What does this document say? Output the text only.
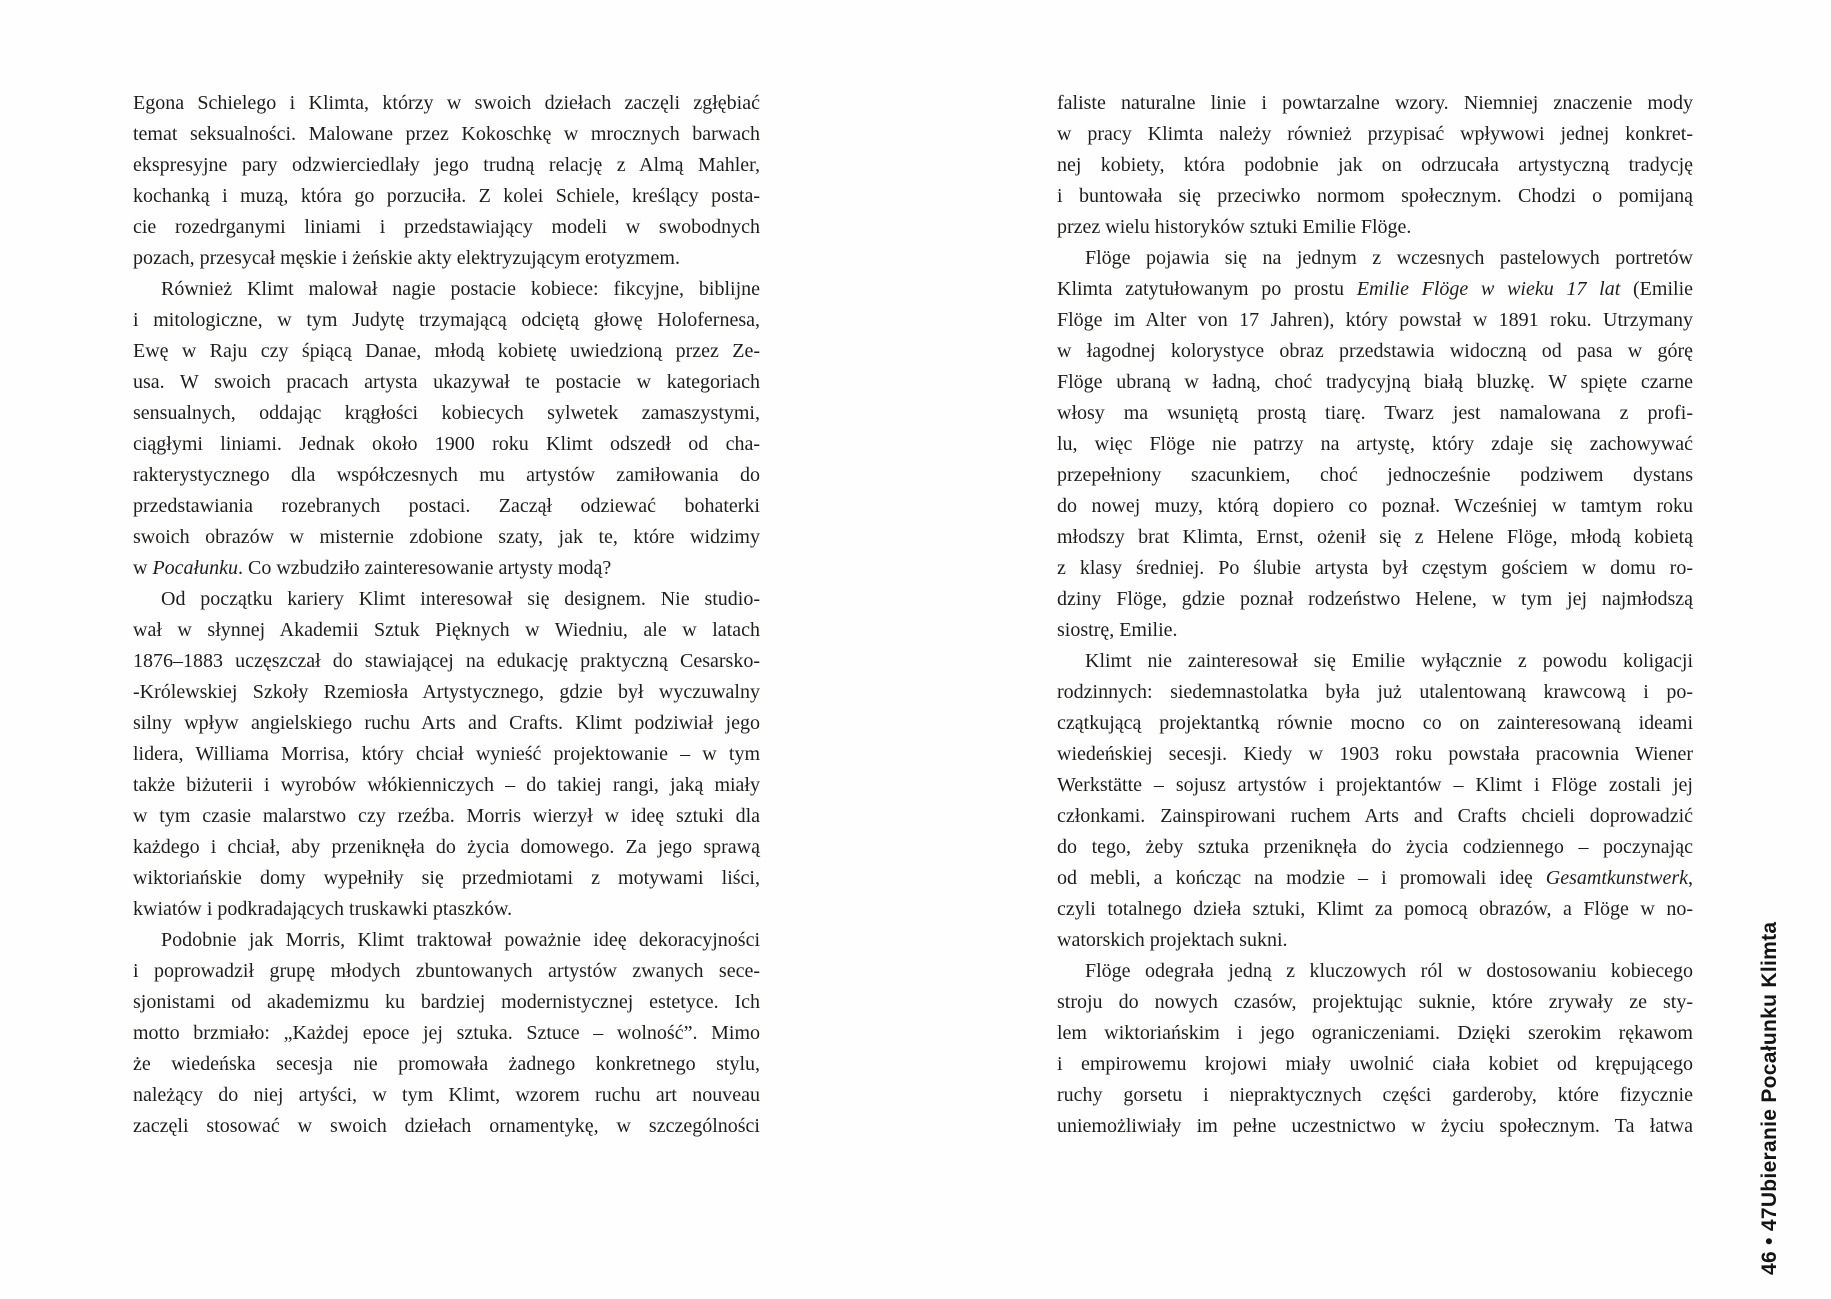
Egona Schielego i Klimta, którzy w swoich dziełach zaczęli zgłębiać
temat seksualności. Malowane przez Kokoschkę w mrocznych barwach
ekspresyjne pary odzwierciedlały jego trudną relację z Almą Mahler,
kochanką i muzą, która go porzuciła. Z kolei Schiele, kreślący posta-
cie rozedrganymi liniami i przedstawiający modeli w swobodnych
pozach, przesycał męskie i żeńskie akty elektryzującym erotyzmem.
Również Klimt malował nagie postacie kobiece: fikcyjne, biblijne
i mitologiczne, w tym Judytę trzymającą odciętą głowę Holofernesa,
Ewę w Raju czy śpiącą Danae, młodą kobietę uwiedzioną przez Ze-
usa. W swoich pracach artysta ukazywał te postacie w kategoriach
sensualnych, oddając krągłości kobiecych sylwetek zamaszystymi,
ciągłymi liniami. Jednak około 1900 roku Klimt odszedł od cha-
rakterystycznego dla współczesnych mu artystów zamiłowania do
przedstawiania rozebranych postaci. Zaczął odziewać bohaterki
swoich obrazów w misternie zdobione szaty, jak te, które widzimy
w Pocałunku. Co wzbudziło zainteresowanie artysty modą?
Od początku kariery Klimt interesował się designem. Nie studio-
wał w słynnej Akademii Sztuk Pięknych w Wiedniu, ale w latach
1876–1883 uczęszczał do stawiającej na edukację praktyczną Cesarsko-
-Królewskiej Szkoły Rzemiosła Artystycznego, gdzie był wyczuwalny
silny wpływ angielskiego ruchu Arts and Crafts. Klimt podziwiał jego
lidera, Williama Morrisa, który chciał wynieść projektowanie – w tym
także biżuterii i wyrobów włókienniczych – do takiej rangi, jaką miały
w tym czasie malarstwo czy rzeźba. Morris wierzył w ideę sztuki dla
każdego i chciał, aby przeniknęła do życia domowego. Za jego sprawą
wiktoriańskie domy wypełniły się przedmiotami z motywami liści,
kwiatów i podkradających truskawki ptaszków.
Podobnie jak Morris, Klimt traktował poważnie ideę dekoracyjności
i poprowadził grupę młodych zbuntowanych artystów zwanych sece-
sjonistami od akademizmu ku bardziej modernistycznej estetyce. Ich
motto brzmiało: „Każdej epoce jej sztuka. Sztuce – wolność”. Mimo
że wiedeńska secesja nie promowała żadnego konkretnego stylu,
należący do niej artyści, w tym Klimt, wzorem ruchu art nouveau
zaczęli stosować w swoich dziełach ornamentykę, w szczególności
faliste naturalne linie i powtarzalne wzory. Niemniej znaczenie mody
w pracy Klimta należy również przypisać wpływowi jednej konkret-
nej kobiety, która podobnie jak on odrzucała artystyczną tradycję
i buntowała się przeciwko normom społecznym. Chodzi o pomijaną
przez wielu historyków sztuki Emilie Flöge.
Flöge pojawia się na jednym z wczesnych pastelowych portretów
Klimta zatytułowanym po prostu Emilie Flöge w wieku 17 lat (Emilie
Flöge im Alter von 17 Jahren), który powstał w 1891 roku. Utrzymany
w łagodnej kolorystyce obraz przedstawia widoczną od pasa w górę
Flöge ubraną w ładną, choć tradycyjną białą bluzkę. W spięte czarne
włosy ma wsuniętą prostą tiarę. Twarz jest namalowana z profi-
lu, więc Flöge nie patrzy na artystę, który zdaje się zachowywać
przepełniony szacunkiem, choć jednocześnie podziwem dystans
do nowej muzy, którą dopiero co poznał. Wcześniej w tamtym roku
młodszy brat Klimta, Ernst, ożenił się z Helene Flöge, młodą kobietą
z klasy średniej. Po ślubie artysta był częstym gościem w domu ro-
dziny Flöge, gdzie poznał rodzeństwo Helene, w tym jej najmłodszą
siostrę, Emilie.
Klimt nie zainteresował się Emilie wyłącznie z powodu koligacji
rodzinnych: siedemnastolatka była już utalentowaną krawcową i po-
czątkującą projektantką równie mocno co on zainteresowaną ideami
wiedeńskiej secesji. Kiedy w 1903 roku powstała pracownia Wiener
Werkstätte – sojusz artystów i projektantów – Klimt i Flöge zostali jej
członkami. Zainspirowani ruchem Arts and Crafts chcieli doprowadzić
do tego, żeby sztuka przeniknęła do życia codziennego – poczynając
od mebli, a kończąc na modzie – i promowali ideę Gesamtkunstwerk,
czyli totalnego dzieła sztuki, Klimt za pomocą obrazów, a Flöge w no-
watorskich projektach sukni.
Flöge odegrała jedną z kluczowych ról w dostosowaniu kobiecego
stroju do nowych czasów, projektując suknie, które zrywały ze sty-
lem wiktoriańskim i jego ograniczeniami. Dzięki szerokim rękawom
i empirowemu krojowi miały uwolnić ciała kobiet od krępującego
ruchy gorsetu i niepraktycznych części garderoby, które fizycznie
uniemożliwiały im pełne uczestnictwo w życiu społecznym. Ta łatwa
46 • 47
Ubieranie Pocałunku Klimta
